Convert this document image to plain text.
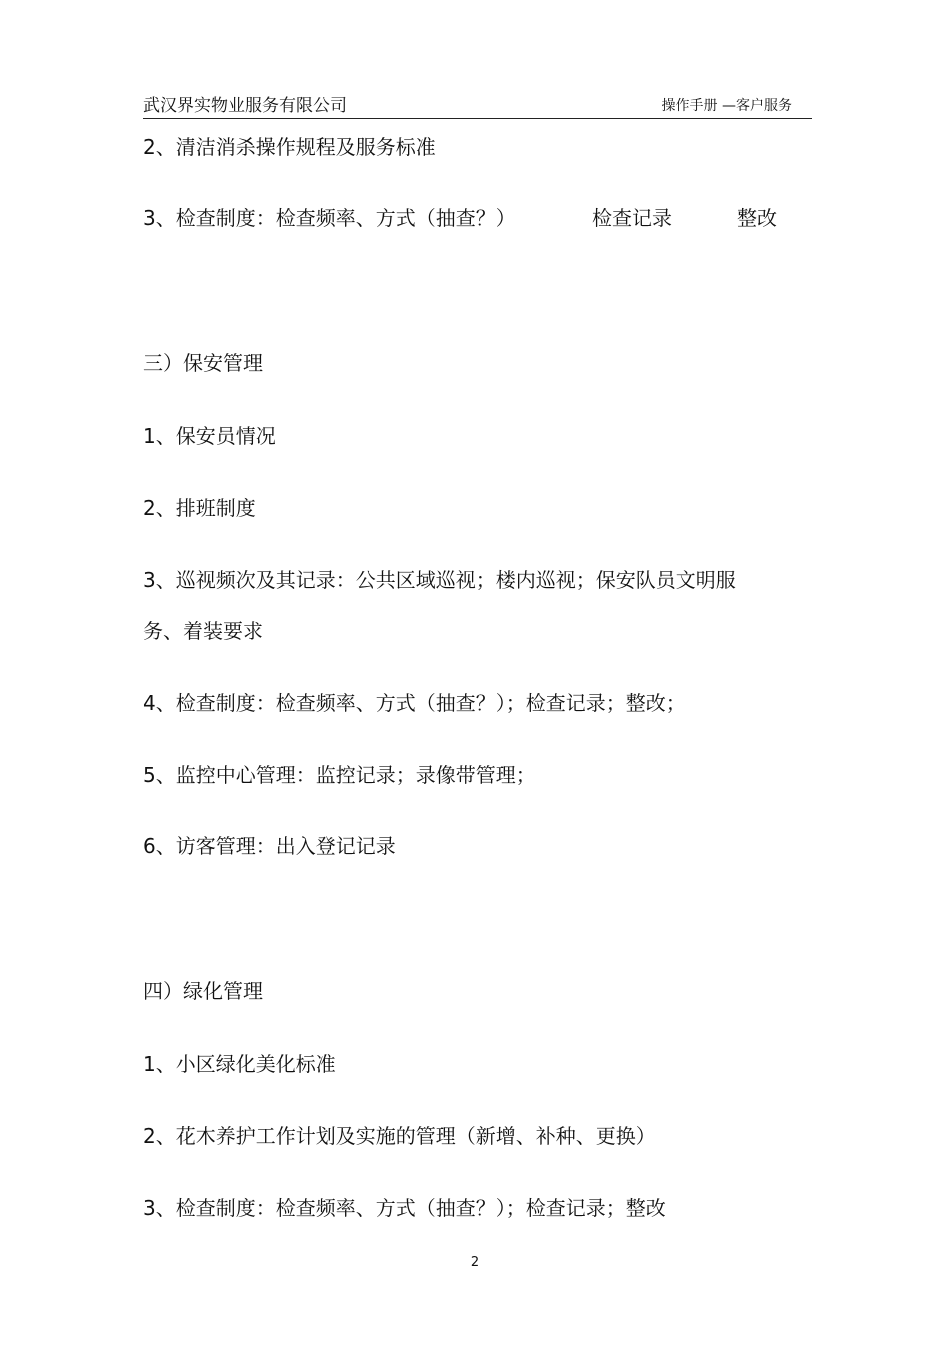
武汉界实物业服务有限公司	操作手册 —客户服务
2、清洁消杀操作规程及服务标准
3、检查制度：检查频率、方式（抽查？）	检查记录	整改
三）保安管理
1、保安员情况
2、排班制度
3、巡视频次及其记录：公共区域巡视；楼内巡视；保安队员文明服
务、着装要求
4、检查制度：检查频率、方式（抽查？）；检查记录；整改；
5、监控中心管理：监控记录；录像带管理；
6、访客管理：出入登记记录
四）绿化管理
1、小区绿化美化标准
2、花木养护工作计划及实施的管理（新增、补种、更换）
3、检查制度：检查频率、方式（抽查？）；检查记录；整改
2
